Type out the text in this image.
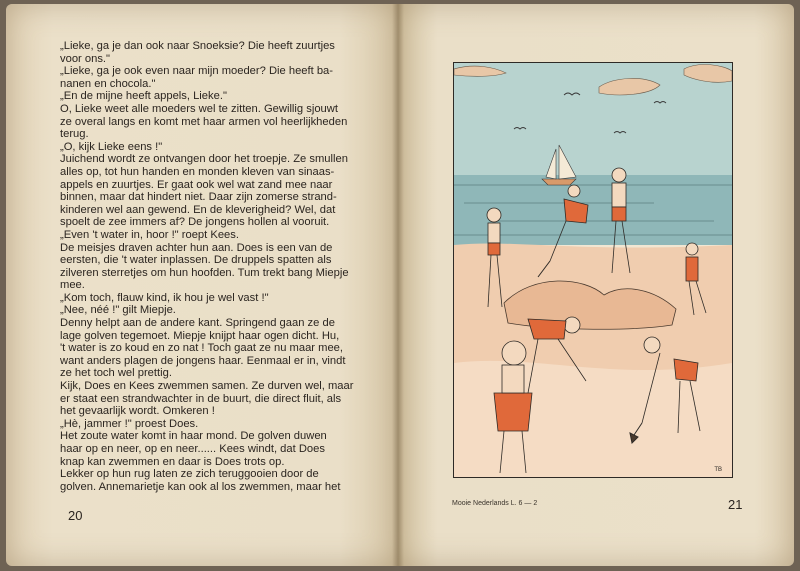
„Lieke, ga je dan ook naar Snoeksie? Die heeft zuurtjes

voor ons."

„Lieke, ga je ook even naar mijn moeder? Die heeft ba-

nanen en chocola."

„En de mijne heeft appels, Lieke."

O, Lieke weet alle moeders wel te zitten. Gewillig sjouwt

ze overal langs en komt met haar armen vol heerlijkheden

terug.

„O, kijk Lieke eens !"

Juichend wordt ze ontvangen door het troepje. Ze smullen

alles op, tot hun handen en monden kleven van sinaas-

appels en zuurtjes. Er gaat ook wel wat zand mee naar

binnen, maar dat hindert niet. Daar zijn zomerse strand-

kinderen wel aan gewend. En de kleverigheid? Wel, dat

spoelt de zee immers af? De jongens hollen al vooruit.

„Even 't water in, hoor !" roept Kees.

De meisjes draven achter hun aan. Does is een van de

eersten, die 't water inplassen. De druppels spatten als

zilveren sterretjes om hun hoofden. Tum trekt bang Miepje

mee.

„Kom toch, flauw kind, ik hou je wel vast !"

„Nee, néé !" gilt Miepje.

Denny helpt aan de andere kant. Springend gaan ze de

lage golven tegemoet. Miepje knijpt haar ogen dicht. Hu,

't water is zo koud en zo nat ! Toch gaat ze nu maar mee,

want anders plagen de jongens haar. Eenmaal er in, vindt

ze het toch wel prettig.

Kijk, Does en Kees zwemmen samen. Ze durven wel, maar

er staat een strandwachter in de buurt, die direct fluit, als

het gevaarlijk wordt. Omkeren !

„Hè, jammer !" proest Does.

Het zoute water komt in haar mond. De golven duwen

haar op en neer, op en neer...... Kees windt, dat Does

knap kan zwemmen en daar is Does trots op.

Lekker op hun rug laten ze zich teruggooien door de

golven. Annemarietje kan ook al los zwemmen, maar het

20
TB
Mooie Nederlands L. 6 — 2	21
